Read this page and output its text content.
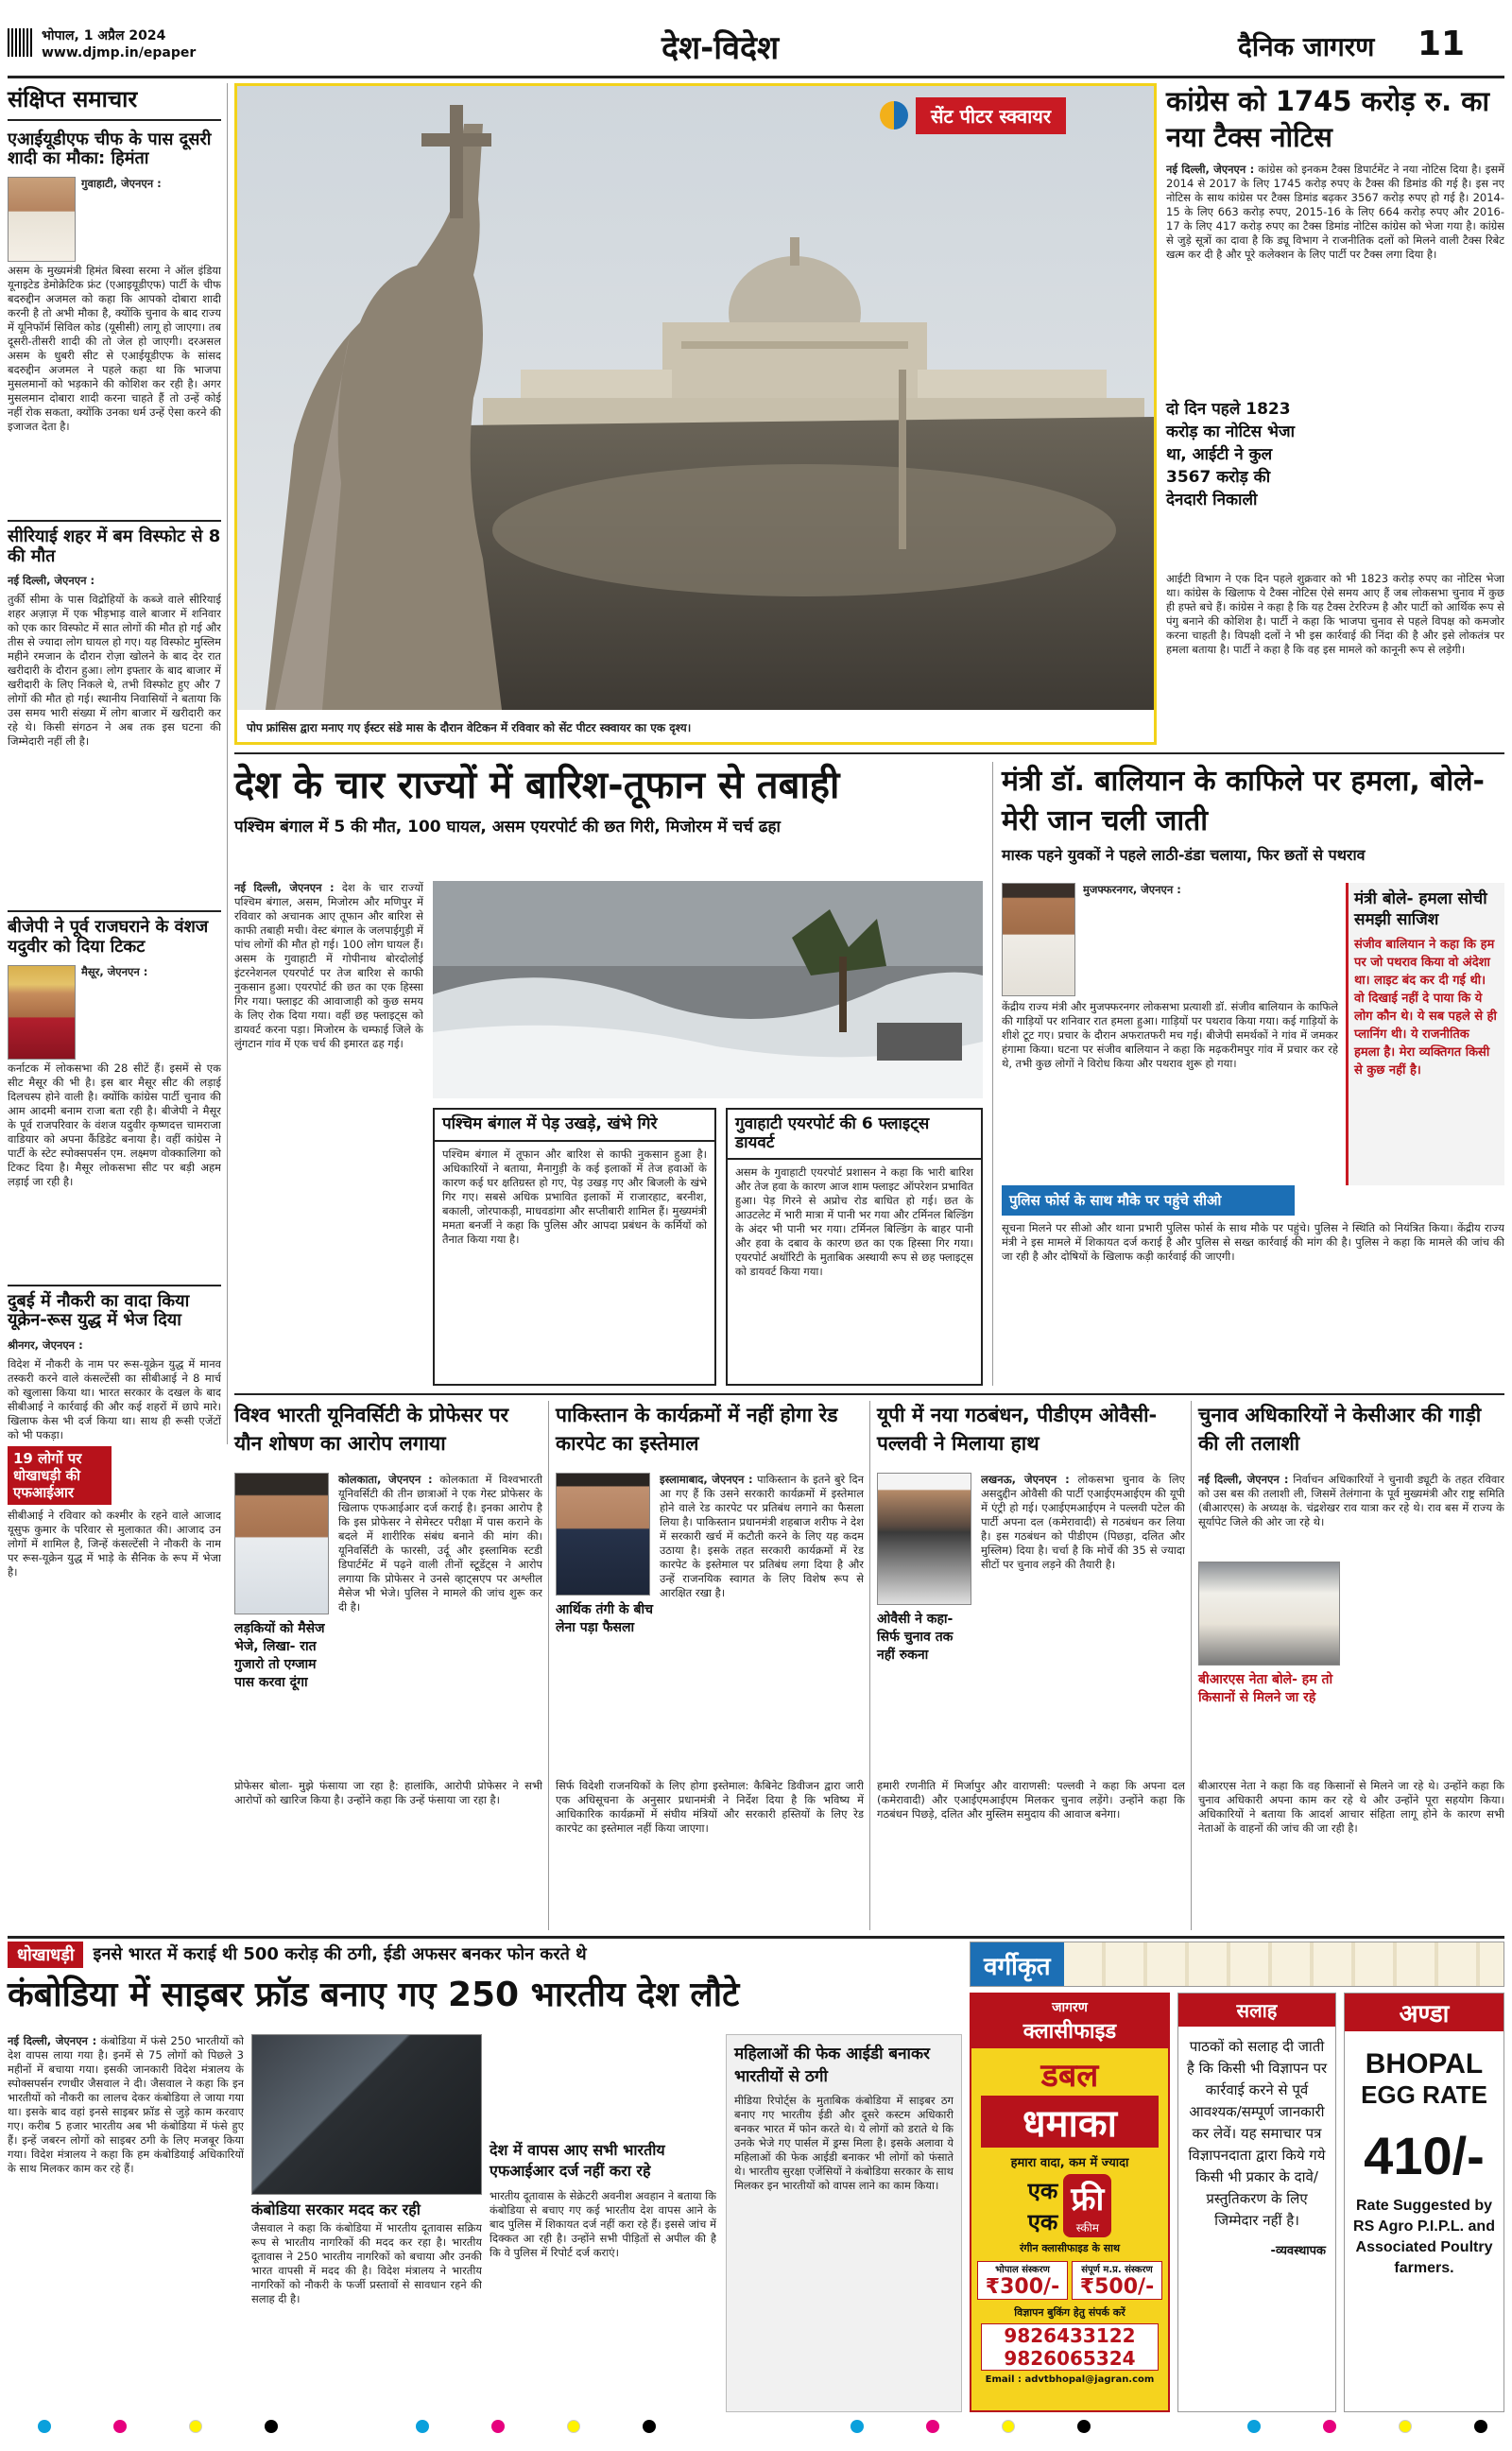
भोपाल, 1 अप्रैल 2024
www.djmp.in/epaper	देश-विदेश	दैनिक जागरण 11
संक्षिप्त समाचार
एआईयूडीएफ चीफ के पास दूसरी शादी का मौका: हिमंता
गुवाहाटी, जेएनएन :
असम के मुख्यमंत्री हिमंत बिस्वा सरमा ने ऑल इंडिया यूनाइटेड डेमोक्रेटिक फ्रंट (एआइयूडीएफ) पार्टी के चीफ बदरुद्दीन अजमल को कहा कि आपको दोबारा शादी करनी है तो अभी मौका है, क्योंकि चुनाव के बाद राज्य में यूनिफॉर्म सिविल कोड (यूसीसी) लागू हो जाएगा। तब दूसरी-तीसरी शादी की तो जेल हो जाएगी। दरअसल असम के धुबरी सीट से एआईयूडीएफ के सांसद बदरुद्दीन अजमल ने पहले कहा था कि भाजपा मुसलमानों को भड़काने की कोशिश कर रही है। अगर मुसलमान दोबारा शादी करना चाहते हैं तो उन्हें कोई नहीं रोक सकता, क्योंकि उनका धर्म उन्हें ऐसा करने की इजाजत देता है।
सीरियाई शहर में बम विस्फोट से 8 की मौत
नई दिल्ली, जेएनएन :
तुर्की सीमा के पास विद्रोहियों के कब्जे वाले सीरियाई शहर अज़ाज़ में एक भीड़भाड़ वाले बाजार में शनिवार को एक कार विस्फोट में सात लोगों की मौत हो गई और तीस से ज्यादा लोग घायल हो गए। यह विस्फोट मुस्लिम महीने रमजान के दौरान रोज़ा खोलने के बाद देर रात खरीदारी के दौरान हुआ। लोग इफ्तार के बाद बाजार में खरीदारी के लिए निकले थे, तभी विस्फोट हुए और 7 लोगों की मौत हो गई। स्थानीय निवासियों ने बताया कि उस समय भारी संख्या में लोग बाजार में खरीदारी कर रहे थे। किसी संगठन ने अब तक इस घटना की जिम्मेदारी नहीं ली है।
बीजेपी ने पूर्व राजघराने के वंशज यदुवीर को दिया टिकट
मैसूर, जेएनएन :
कर्नाटक में लोकसभा की 28 सीटें हैं। इसमें से एक सीट मैसूर की भी है। इस बार मैसूर सीट की लड़ाई दिलचस्प होने वाली है। क्योंकि कांग्रेस पार्टी चुनाव की आम आदमी बनाम राजा बता रही है। बीजेपी ने मैसूर के पूर्व राजपरिवार के वंशज यदुवीर कृष्णदत्त चामराजा वाडियार को अपना कैंडिडेट बनाया है। वहीं कांग्रेस ने पार्टी के स्टेट स्पोक्सपर्सन एम. लक्ष्मण वोक्कालिगा को टिकट दिया है। मैसूर लोकसभा सीट पर बड़ी अहम लड़ाई जा रही है।
दुबई में नौकरी का वादा किया यूक्रेन-रूस युद्ध में भेज दिया
श्रीनगर, जेएनएन :
विदेश में नौकरी के नाम पर रूस-यूक्रेन युद्ध में मानव तस्करी करने वाले कंसल्टेंसी का सीबीआई ने 8 मार्च को खुलासा किया था। भारत सरकार के दखल के बाद सीबीआई ने कार्रवाई की और कई शहरों में छापे मारे। खिलाफ केस भी दर्ज किया था। साथ ही रूसी एजेंटों को भी पकड़ा।
19 लोगों पर धोखाधड़ी की एफआईआर
सीबीआई ने रविवार को कश्मीर के रहने वाले आजाद यूसुफ कुमार के परिवार से मुलाकात की। आजाद उन लोगों में शामिल है, जिन्हें कंसल्टेंसी ने नौकरी के नाम पर रूस-यूक्रेन युद्ध में भाड़े के सैनिक के रूप में भेजा है।
सेंट पीटर स्क्वायर
पोप फ्रांसिस द्वारा मनाए गए ईस्टर संडे मास के दौरान वेटिकन में रविवार को सेंट पीटर स्क्वायर का एक दृश्य।
कांग्रेस को 1745 करोड़ रु. का नया टैक्स नोटिस
नई दिल्ली, जेएनएन : कांग्रेस को इनकम टैक्स डिपार्टमेंट ने नया नोटिस दिया है। इसमें 2014 से 2017 के लिए 1745 करोड़ रुपए के टैक्स की डिमांड की गई है। इस नए नोटिस के साथ कांग्रेस पर टैक्स डिमांड बढ़कर 3567 करोड़ रुपए हो गई है। 2014-15 के लिए 663 करोड़ रुपए, 2015-16 के लिए 664 करोड़ रुपए और 2016-17 के लिए 417 करोड़ रुपए का टैक्स डिमांड नोटिस कांग्रेस को भेजा गया है। कांग्रेस से जुड़े सूत्रों का दावा है कि ड्यू विभाग ने राजनीतिक दलों को मिलने वाली टैक्स रिबेट खत्म कर दी है और पूरे कलेक्शन के लिए पार्टी पर टैक्स लगा दिया है।
दो दिन पहले 1823 करोड़ का नोटिस भेजा था, आईटी ने कुल 3567 करोड़ की देनदारी निकाली
आईटी विभाग ने एक दिन पहले शुक्रवार को भी 1823 करोड़ रुपए का नोटिस भेजा था। कांग्रेस के खिलाफ ये टैक्स नोटिस ऐसे समय आए हैं जब लोकसभा चुनाव में कुछ ही हफ्ते बचे हैं। कांग्रेस ने कहा है कि यह टैक्स टेररिज्म है और पार्टी को आर्थिक रूप से पंगु बनाने की कोशिश है। पार्टी ने कहा कि भाजपा चुनाव से पहले विपक्ष को कमजोर करना चाहती है। विपक्षी दलों ने भी इस कार्रवाई की निंदा की है और इसे लोकतंत्र पर हमला बताया है। पार्टी ने कहा है कि वह इस मामले को कानूनी रूप से लड़ेगी।
देश के चार राज्यों में बारिश-तूफान से तबाही
पश्चिम बंगाल में 5 की मौत, 100 घायल, असम एयरपोर्ट की छत गिरी, मिजोरम में चर्च ढहा
नई दिल्ली, जेएनएन : देश के चार राज्यों पश्चिम बंगाल, असम, मिजोरम और मणिपुर में रविवार को अचानक आए तूफान और बारिश से काफी तबाही मची। वेस्ट बंगाल के जलपाईगुड़ी में पांच लोगों की मौत हो गई। 100 लोग घायल हैं। असम के गुवाहाटी में गोपीनाथ बोरदोलोई इंटरनेशनल एयरपोर्ट पर तेज बारिश से काफी नुकसान हुआ। एयरपोर्ट की छत का एक हिस्सा गिर गया। फ्लाइट की आवाजाही को कुछ समय के लिए रोक दिया गया। वहीं छह फ्लाइट्स को डायवर्ट करना पड़ा। मिजोरम के चम्फाई जिले के लुंगटान गांव में एक चर्च की इमारत ढह गई।
पश्चिम बंगाल में पेड़ उखड़े, खंभे गिरे
पश्चिम बंगाल में तूफान और बारिश से काफी नुकसान हुआ है। अधिकारियों ने बताया, मैनागुड़ी के कई इलाकों में तेज हवाओं के कारण कई घर क्षतिग्रस्त हो गए, पेड़ उखड़ गए और बिजली के खंभे गिर गए। सबसे अधिक प्रभावित इलाकों में राजारहाट, बरनीश, बकाली, जोरपाकड़ी, माधवडांगा और सप्तीबारी शामिल हैं। मुख्यमंत्री ममता बनर्जी ने कहा कि पुलिस और आपदा प्रबंधन के कर्मियों को तैनात किया गया है।
गुवाहाटी एयरपोर्ट की 6 फ्लाइट्स डायवर्ट
असम के गुवाहाटी एयरपोर्ट प्रशासन ने कहा कि भारी बारिश और तेज हवा के कारण आज शाम फ्लाइट ऑपरेशन प्रभावित हुआ। पेड़ गिरने से अप्रोच रोड बाधित हो गई। छत के आउटलेट में भारी मात्रा में पानी भर गया और टर्मिनल बिल्डिंग के अंदर भी पानी भर गया। टर्मिनल बिल्डिंग के बाहर पानी और हवा के दबाव के कारण छत का एक हिस्सा गिर गया। एयरपोर्ट अथॉरिटी के मुताबिक अस्थायी रूप से छह फ्लाइट्स को डायवर्ट किया गया।
मंत्री डॉ. बालियान के काफिले पर हमला, बोले- मेरी जान चली जाती
मास्क पहने युवकों ने पहले लाठी-डंडा चलाया, फिर छतों से पथराव
मुजफ्फरनगर, जेएनएन :
केंद्रीय राज्य मंत्री और मुजफ्फरनगर लोकसभा प्रत्याशी डॉ. संजीव बालियान के काफिले की गाड़ियों पर शनिवार रात हमला हुआ। गाड़ियों पर पथराव किया गया। कई गाड़ियों के शीशे टूट गए। प्रचार के दौरान अफरातफरी मच गई। बीजेपी समर्थकों ने गांव में जमकर हंगामा किया। घटना पर संजीव बालियान ने कहा कि मढ़करीमपुर गांव में प्रचार कर रहे थे, तभी कुछ लोगों ने विरोध किया और पथराव शुरू हो गया।
मंत्री बोले- हमला सोची समझी साजिश
संजीव बालियान ने कहा कि हम पर जो पथराव किया वो अंदेशा था। लाइट बंद कर दी गई थी। वो दिखाई नहीं दे पाया कि ये लोग कौन थे। ये सब पहले से ही प्लानिंग थी। ये राजनीतिक हमला है। मेरा व्यक्तिगत किसी से कुछ नहीं है।
पुलिस फोर्स के साथ मौके पर पहुंचे सीओ
सूचना मिलने पर सीओ और थाना प्रभारी पुलिस फोर्स के साथ मौके पर पहुंचे। पुलिस ने स्थिति को नियंत्रित किया। केंद्रीय राज्य मंत्री ने इस मामले में शिकायत दर्ज कराई है और पुलिस से सख्त कार्रवाई की मांग की है। पुलिस ने कहा कि मामले की जांच की जा रही है और दोषियों के खिलाफ कड़ी कार्रवाई की जाएगी।
विश्व भारती यूनिवर्सिटी के प्रोफेसर पर यौन शोषण का आरोप लगाया
लड़कियों को मैसेज भेजे, लिखा- रात गुजारो तो एग्जाम पास करवा दूंगा
कोलकाता, जेएनएन : कोलकाता में विश्वभारती यूनिवर्सिटी की तीन छात्राओं ने एक गेस्ट प्रोफेसर के खिलाफ एफआईआर दर्ज कराई है। इनका आरोप है कि इस प्रोफेसर ने सेमेस्टर परीक्षा में पास कराने के बदले में शारीरिक संबंध बनाने की मांग की। यूनिवर्सिटी के फारसी, उर्दू और इस्लामिक स्टडी डिपार्टमेंट में पढ़ने वाली तीनों स्टूडेंट्स ने आरोप लगाया कि प्रोफेसर ने उनसे व्हाट्सएप पर अश्लील मैसेज भी भेजे। पुलिस ने मामले की जांच शुरू कर दी है।
प्रोफेसर बोला- मुझे फंसाया जा रहा है: हालांकि, आरोपी प्रोफेसर ने सभी आरोपों को खारिज किया है। उन्होंने कहा कि उन्हें फंसाया जा रहा है।
पाकिस्तान के कार्यक्रमों में नहीं होगा रेड कारपेट का इस्तेमाल
आर्थिक तंगी के बीच लेना पड़ा फैसला
इस्लामाबाद, जेएनएन : पाकिस्तान के इतने बुरे दिन आ गए हैं कि उसने सरकारी कार्यक्रमों में इस्तेमाल होने वाले रेड कारपेट पर प्रतिबंध लगाने का फैसला लिया है। पाकिस्तान प्रधानमंत्री शहबाज शरीफ ने देश में सरकारी खर्च में कटौती करने के लिए यह कदम उठाया है। इसके तहत सरकारी कार्यक्रमों में रेड कारपेट के इस्तेमाल पर प्रतिबंध लगा दिया है और उन्हें राजनयिक स्वागत के लिए विशेष रूप से आरक्षित रखा है।
सिर्फ विदेशी राजनयिकों के लिए होगा इस्तेमाल: कैबिनेट डिवीजन द्वारा जारी एक अधिसूचना के अनुसार प्रधानमंत्री ने निर्देश दिया है कि भविष्य में आधिकारिक कार्यक्रमों में संघीय मंत्रियों और सरकारी हस्तियों के लिए रेड कारपेट का इस्तेमाल नहीं किया जाएगा।
यूपी में नया गठबंधन, पीडीएम ओवैसी-पल्लवी ने मिलाया हाथ
ओवैसी ने कहा- सिर्फ चुनाव तक नहीं रुकना
लखनऊ, जेएनएन : लोकसभा चुनाव के लिए असदुद्दीन ओवैसी की पार्टी एआईएमआईएम की यूपी में एंट्री हो गई। एआईएमआईएम ने पल्लवी पटेल की पार्टी अपना दल (कमेरावादी) से गठबंधन कर लिया है। इस गठबंधन को पीडीएम (पिछड़ा, दलित और मुस्लिम) दिया है। चर्चा है कि मोर्चे की 35 से ज्यादा सीटों पर चुनाव लड़ने की तैयारी है।
हमारी रणनीति में मिर्जापुर और वाराणसी: पल्लवी ने कहा कि अपना दल (कमेरावादी) और एआईएमआईएम मिलकर चुनाव लड़ेंगे। उन्होंने कहा कि गठबंधन पिछड़े, दलित और मुस्लिम समुदाय की आवाज बनेगा।
चुनाव अधिकारियों ने केसीआर की गाड़ी की ली तलाशी
नई दिल्ली, जेएनएन : निर्वाचन अधिकारियों ने चुनावी ड्यूटी के तहत रविवार को उस बस की तलाशी ली, जिसमें तेलंगाना के पूर्व मुख्यमंत्री और राष्ट्र समिति (बीआरएस) के अध्यक्ष के. चंद्रशेखर राव यात्रा कर रहे थे। राव बस में राज्य के सूर्यापेट जिले की ओर जा रहे थे।
बीआरएस नेता बोले- हम तो किसानों से मिलने जा रहे
बीआरएस नेता ने कहा कि वह किसानों से मिलने जा रहे थे। उन्होंने कहा कि चुनाव अधिकारी अपना काम कर रहे थे और उन्होंने पूरा सहयोग किया। अधिकारियों ने बताया कि आदर्श आचार संहिता लागू होने के कारण सभी नेताओं के वाहनों की जांच की जा रही है।
धोखाधड़ी	इनसे भारत में कराई थी 500 करोड़ की ठगी, ईडी अफसर बनकर फोन करते थे
कंबोडिया में साइबर फ्रॉड बनाए गए 250 भारतीय देश लौटे
नई दिल्ली, जेएनएन : कंबोडिया में फंसे 250 भारतीयों को देश वापस लाया गया है। इनमें से 75 लोगों को पिछले 3 महीनों में बचाया गया। इसकी जानकारी विदेश मंत्रालय के स्पोक्सपर्सन रणधीर जैसवाल ने दी। जैसवाल ने कहा कि इन भारतीयों को नौकरी का लालच देकर कंबोडिया ले जाया गया था। इसके बाद वहां इनसे साइबर फ्रॉड से जुड़े काम करवाए गए। करीब 5 हजार भारतीय अब भी कंबोडिया में फंसे हुए हैं। इन्हें जबरन लोगों को साइबर ठगी के लिए मजबूर किया गया। विदेश मंत्रालय ने कहा कि हम कंबोडियाई अधिकारियों के साथ मिलकर काम कर रहे हैं।
कंबोडिया सरकार मदद कर रही
जैसवाल ने कहा कि कंबोडिया में भारतीय दूतावास सक्रिय रूप से भारतीय नागरिकों की मदद कर रहा है। भारतीय दूतावास ने 250 भारतीय नागरिकों को बचाया और उनकी भारत वापसी में मदद की है। विदेश मंत्रालय ने भारतीय नागरिकों को नौकरी के फर्जी प्रस्तावों से सावधान रहने की सलाह दी है।
देश में वापस आए सभी भारतीय एफआईआर दर्ज नहीं करा रहे
भारतीय दूतावास के सेक्रेटरी अवनीश अवहान ने बताया कि कंबोडिया से बचाए गए कई भारतीय देश वापस आने के बाद पुलिस में शिकायत दर्ज नहीं करा रहे हैं। इससे जांच में दिक्कत आ रही है। उन्होंने सभी पीड़ितों से अपील की है कि वे पुलिस में रिपोर्ट दर्ज कराएं।
महिलाओं की फेक आईडी बनाकर भारतीयों से ठगी
मीडिया रिपोर्ट्स के मुताबिक कंबोडिया में साइबर ठग बनाए गए भारतीय ईडी और दूसरे कस्टम अधिकारी बनकर भारत में फोन करते थे। ये लोगों को डराते थे कि उनके भेजे गए पार्सल में ड्रग्स मिला है। इसके अलावा ये महिलाओं की फेक आईडी बनाकर भी लोगों को फंसाते थे। भारतीय सुरक्षा एजेंसियों ने कंबोडिया सरकार के साथ मिलकर इन भारतीयों को वापस लाने का काम किया।
वर्गीकृत
जागरण
क्लासीफाइड
डबल
धमाका
हमारा वादा, कम में ज्यादा
एक
एक
फ्री
स्कीम
रंगीन क्लासीफाइड के साथ
भोपाल संस्करण
₹300/-
संपूर्ण म.प्र. संस्करण
₹500/-
विज्ञापन बुकिंग हेतु संपर्क करें
9826433122
9826065324
Email : advtbhopal@jagran.com
सलाह
पाठकों को सलाह दी जाती है कि किसी भी विज्ञापन पर कार्रवाई करने से पूर्व आवश्यक/सम्पूर्ण जानकारी कर लेवें। यह समाचार पत्र विज्ञापनदाता द्वारा किये गये किसी भी प्रकार के दावे/प्रस्तुतिकरण के लिए जिम्मेदार नहीं है।
-व्यवस्थापक
अण्डा
BHOPAL
EGG RATE
410/-
Rate Suggested by RS Agro P.I.P.L. and Associated Poultry farmers.
